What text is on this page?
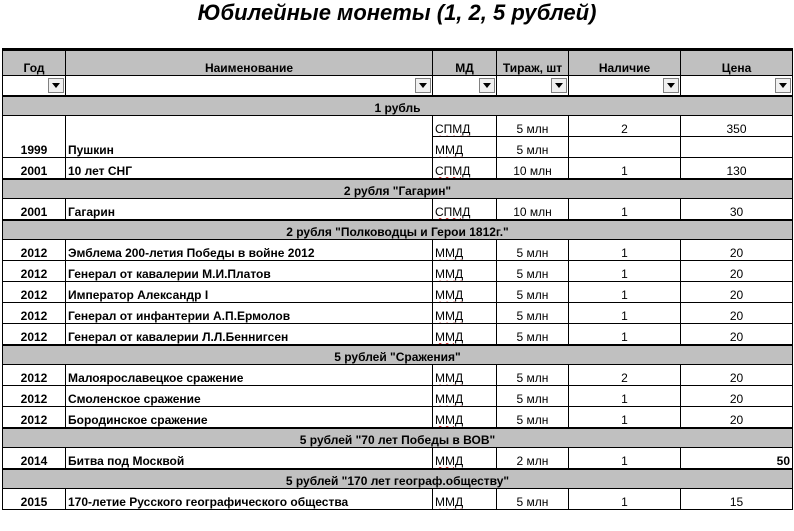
Юбилейные монеты (1, 2, 5 рублей)
Год	Наименование	МД	Тираж, шт	Наличие	Цена

1 рубль					
1999	Пушкин	СПМД	5 млн	2	350
		ММД	5 млн		
2001	10 лет СНГ	СПМД	10 млн	1	130
2 рубля "Гагарин"					
2001	Гагарин	СПМД	10 млн	1	30
2 рубля "Полководцы и Герои 1812г."					
2012	Эмблема 200-летия Победы в войне 2012	ММД	5 млн	1	20
2012	Генерал от кавалерии М.И.Платов	ММД	5 млн	1	20
2012	Император Александр I	ММД	5 млн	1	20
2012	Генерал от инфантерии А.П.Ермолов	ММД	5 млн	1	20
2012	Генерал от кавалерии Л.Л.Беннигсен	ММД	5 млн	1	20
5 рублей "Сражения"					
2012	Малоярославецкое сражение	ММД	5 млн	2	20
2012	Смоленское сражение	ММД	5 млн	1	20
2012	Бородинское сражение	ММД	5 млн	1	20
5 рублей "70 лет Победы в ВОВ"					
2014	Битва под Москвой	ММД	2 млн	1	50
5 рублей "170 лет географ.обществу"					
2015	170-летие Русского географического общества	ММД	5 млн	1	15
